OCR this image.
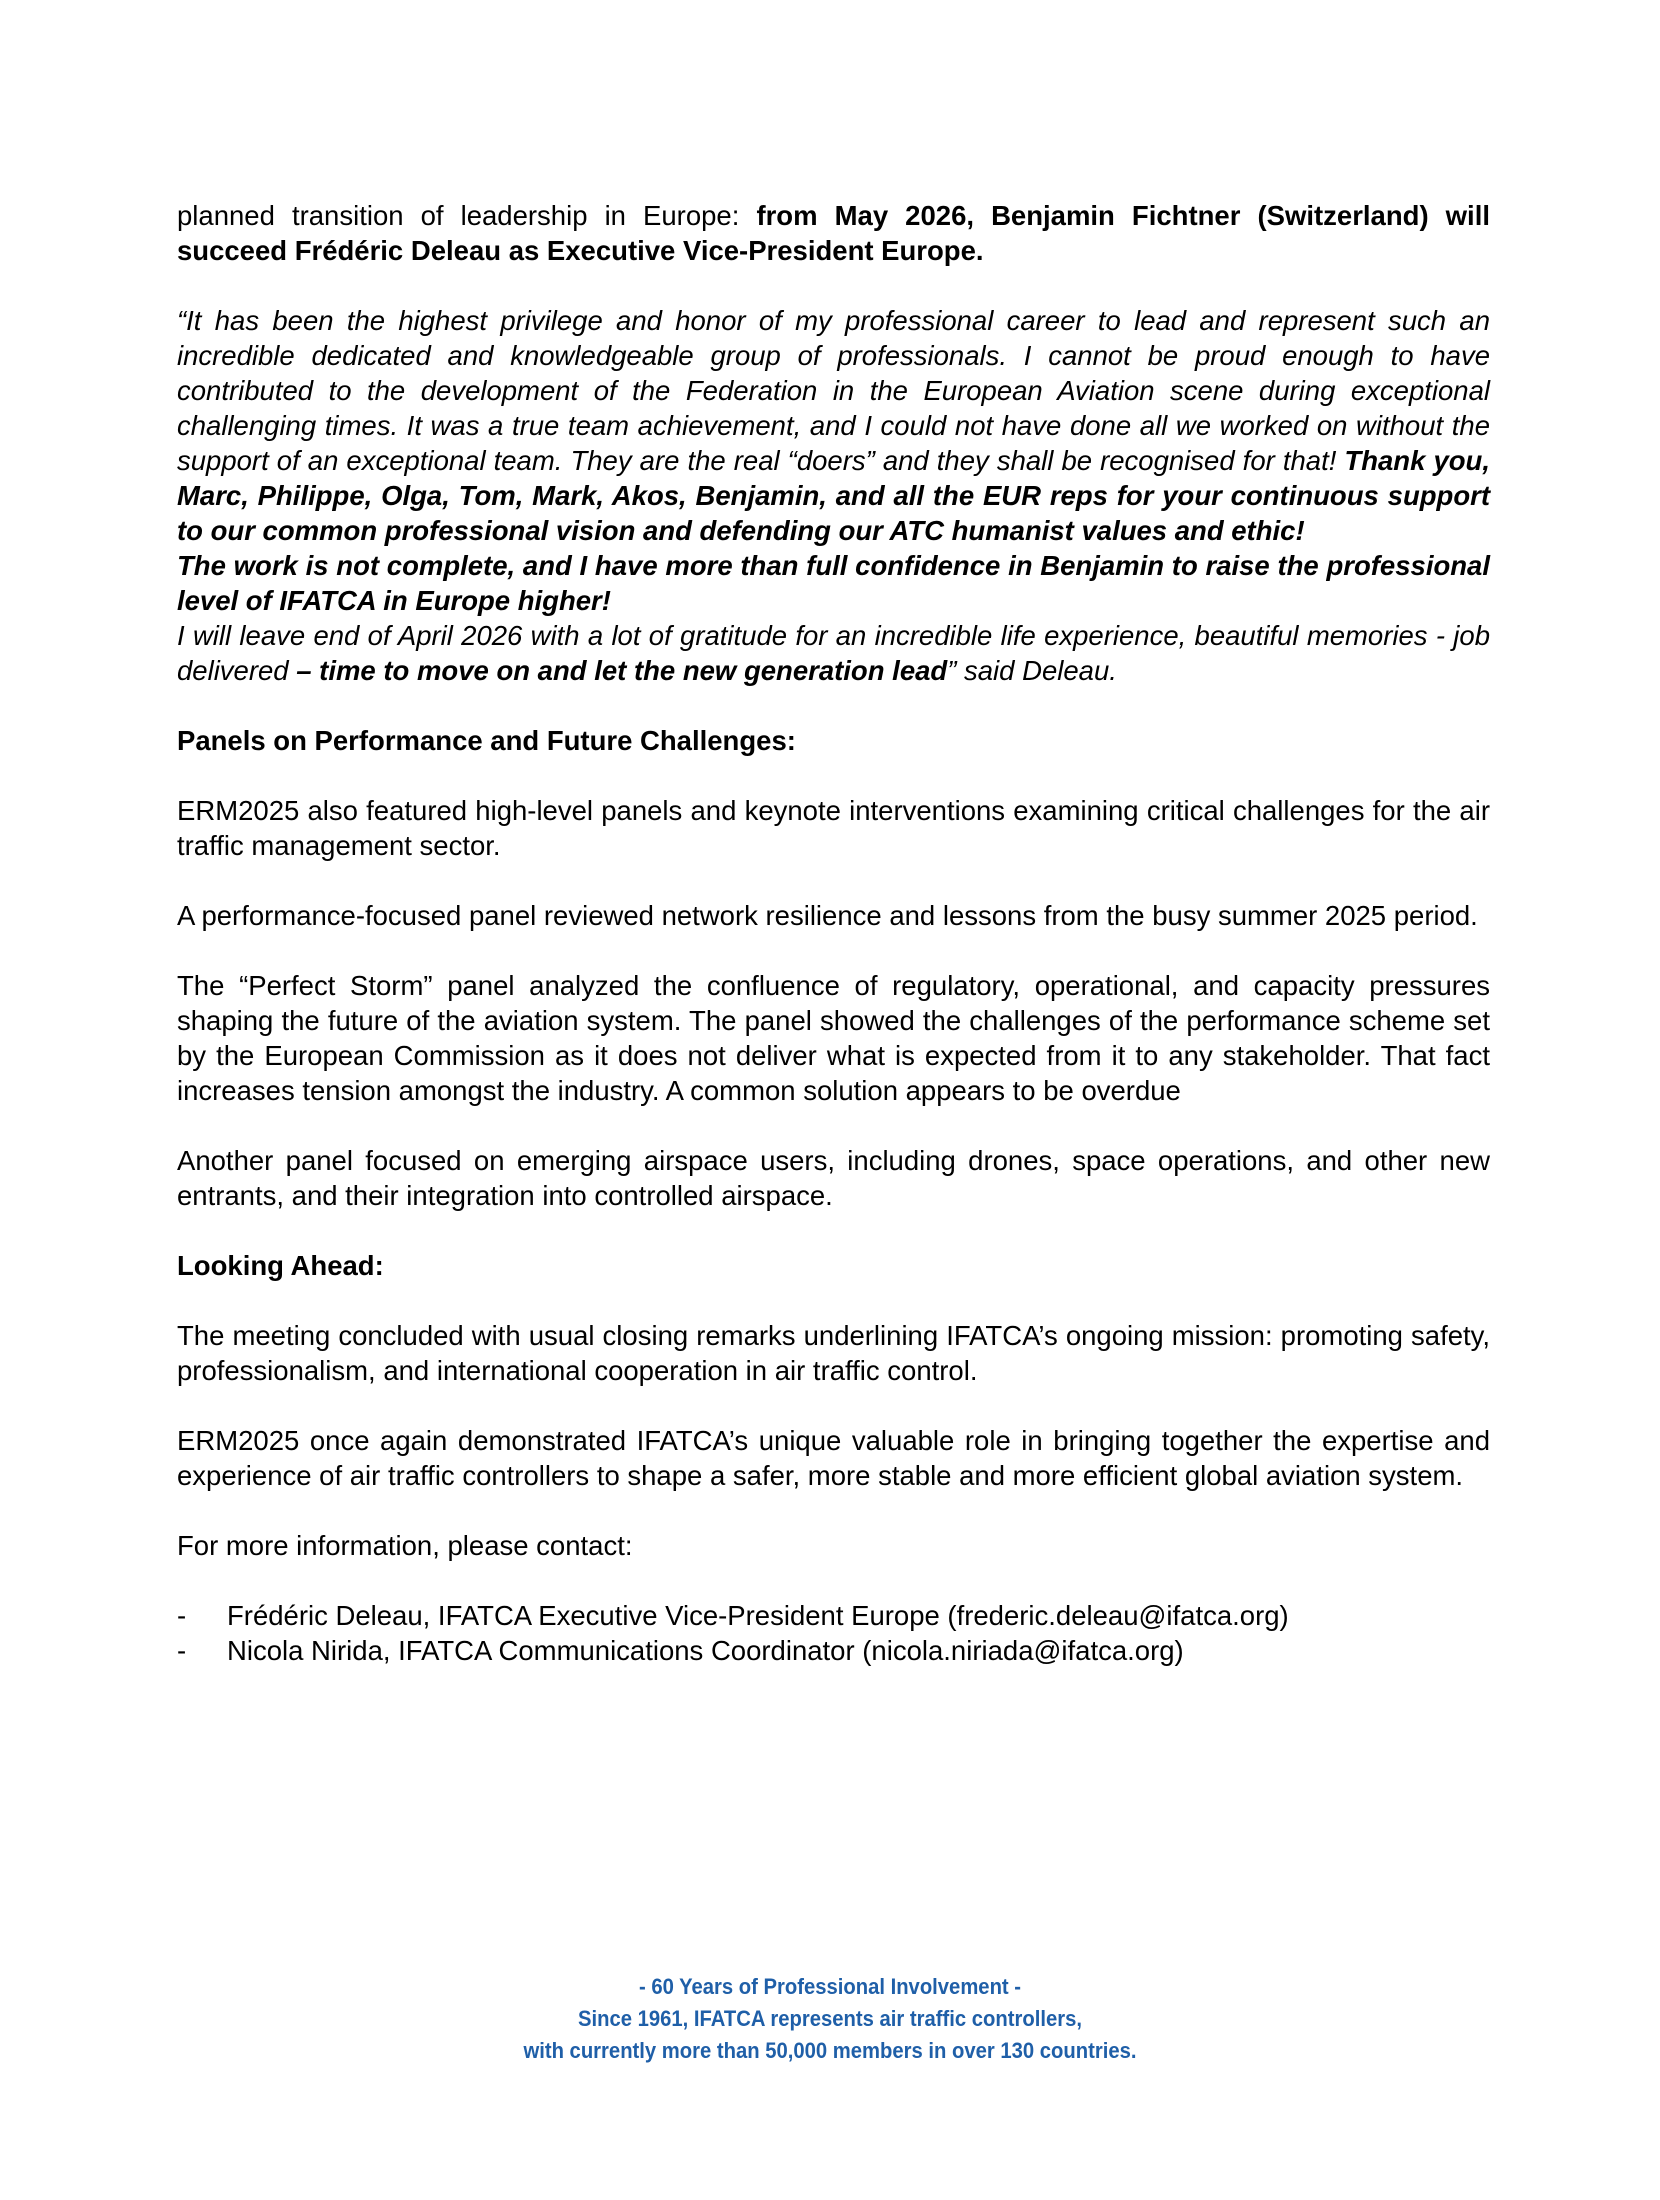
planned transition of leadership in Europe: from May 2026, Benjamin Fichtner (Switzerland) will succeed Frédéric Deleau as Executive Vice-President Europe.

“It has been the highest privilege and honor of my professional career to lead and represent such an incredible dedicated and knowledgeable group of professionals. I cannot be proud enough to have contributed to the development of the Federation in the European Aviation scene during exceptional challenging times. It was a true team achievement, and I could not have done all we worked on without the support of an exceptional team. They are the real “doers” and they shall be recognised for that! Thank you, Marc, Philippe, Olga, Tom, Mark, Akos, Benjamin, and all the EUR reps for your continuous support to our common professional vision and defending our ATC humanist values and ethic!

The work is not complete, and I have more than full confidence in Benjamin to raise the professional level of IFATCA in Europe higher!

I will leave end of April 2026 with a lot of gratitude for an incredible life experience, beautiful memories - job delivered – time to move on and let the new generation lead” said Deleau.

Panels on Performance and Future Challenges:

ERM2025 also featured high-level panels and keynote interventions examining critical challenges for the air traffic management sector.

A performance-focused panel reviewed network resilience and lessons from the busy summer 2025 period.

The “Perfect Storm” panel analyzed the confluence of regulatory, operational, and capacity pressures shaping the future of the aviation system. The panel showed the challenges of the performance scheme set by the European Commission as it does not deliver what is expected from it to any stakeholder. That fact increases tension amongst the industry. A common solution appears to be overdue

Another panel focused on emerging airspace users, including drones, space operations, and other new entrants, and their integration into controlled airspace.

Looking Ahead:

The meeting concluded with usual closing remarks underlining IFATCA’s ongoing mission: promoting safety, professionalism, and international cooperation in air traffic control.

ERM2025 once again demonstrated IFATCA’s unique valuable role in bringing together the expertise and experience of air traffic controllers to shape a safer, more stable and more efficient global aviation system.

For more information, please contact:

-	Frédéric Deleau, IFATCA Executive Vice-President Europe (frederic.deleau@ifatca.org)
-	Nicola Nirida, IFATCA Communications Coordinator (nicola.niriada@ifatca.org)
- 60 Years of Professional Involvement -
Since 1961, IFATCA represents air traffic controllers,
with currently more than 50,000 members in over 130 countries.
